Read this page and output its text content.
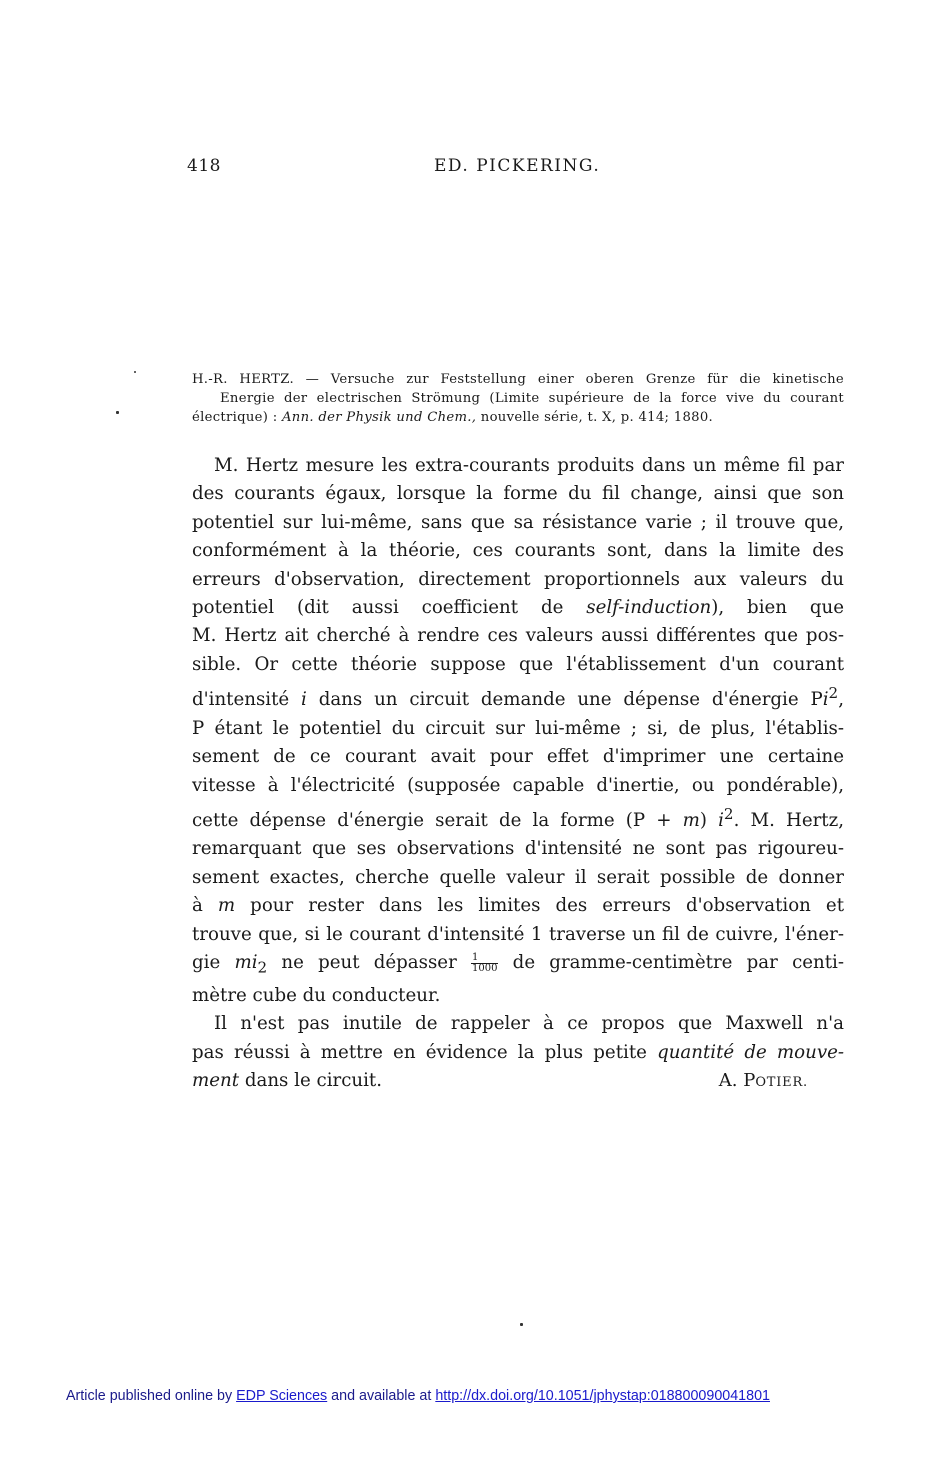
418	ED. PICKERING.
H.-R. HERTZ. — Versuche zur Feststellung einer oberen Grenze für die kinetische
Energie der electrischen Strömung (Limite supérieure de la force vive du courant
électrique) : Ann. der Physik und Chem., nouvelle série, t. X, p. 414; 1880.
M. Hertz mesure les extra-courants produits dans un même fil par
des courants égaux, lorsque la forme du fil change, ainsi que son
potentiel sur lui-même, sans que sa résistance varie ; il trouve que,
conformément à la théorie, ces courants sont, dans la limite des
erreurs d'observation, directement proportionnels aux valeurs du
potentiel (dit aussi coefficient de self-induction), bien que
M. Hertz ait cherché à rendre ces valeurs aussi différentes que pos-
sible. Or cette théorie suppose que l'établissement d'un courant
d'intensité i dans un circuit demande une dépense d'énergie Pi$^2$,
P étant le potentiel du circuit sur lui-même ; si, de plus, l'établis-
sement de ce courant avait pour effet d'imprimer une certaine
vitesse à l'électricité (supposée capable d'inertie, ou pondérable),
cette dépense d'énergie serait de la forme (P + m) $i^2$. M. Hertz,
remarquant que ses observations d'intensité ne sont pas rigoureu-
sement exactes, cherche quelle valeur il serait possible de donner
à m pour rester dans les limites des erreurs d'observation et
trouve que, si le courant d'intensité 1 traverse un fil de cuivre, l'éner-
gie $mi_2$ ne peut dépasser $\frac{1}{1000}$ de gramme-centimètre par centi-
mètre cube du conducteur.
Il n'est pas inutile de rappeler à ce propos que Maxwell n'a
pas réussi à mettre en évidence la plus petite quantité de mouve-
ment dans le circuit.	A. POTIER.
Article published online by EDP Sciences and available at http://dx.doi.org/10.1051/jphystap:018800090041801
